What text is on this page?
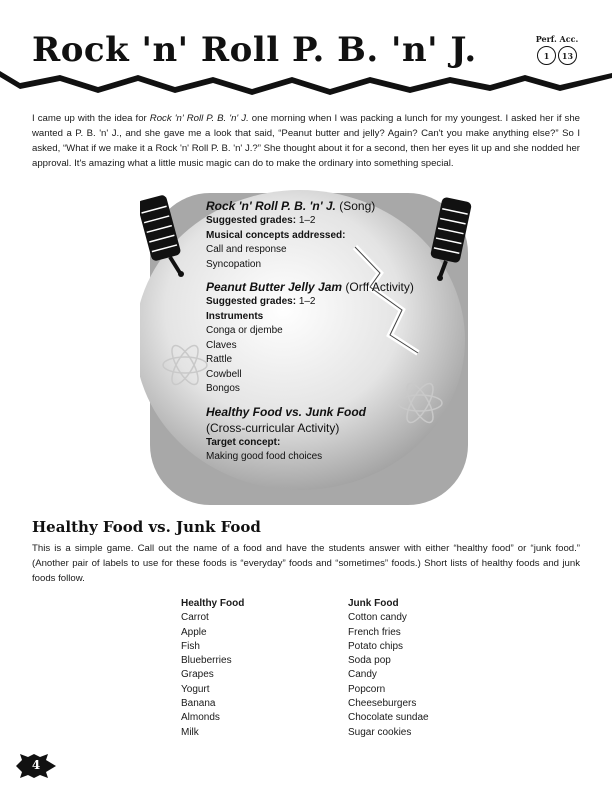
Rock 'n' Roll P. B. 'n' J.	Perf. Acc.
1	13

I came up with the idea for Rock 'n' Roll P. B. 'n' J. one morning when I was packing a lunch for my youngest. I asked her if she wanted a P. B. 'n' J., and she gave me a look that said, “Peanut butter and jelly? Again? Can't you make anything else?” So I asked, “What if we make it a Rock 'n' Roll P. B. 'n' J.?” She thought about it for a second, then her eyes lit up and she nodded her approval. It's amazing what a little music magic can do to make the ordinary into something special.

Rock 'n' Roll P. B. 'n' J. (Song)
Suggested grades: 1–2
Musical concepts addressed:
Call and response
Syncopation
Peanut Butter Jelly Jam (Orff Activity)
Suggested grades: 1–2
Instruments
Conga or djembe
Claves
Rattle
Cowbell
Bongos
Healthy Food vs. Junk Food
(Cross-curricular Activity)
Target concept:
Making good food choices
Healthy Food vs. Junk Food

This is a simple game. Call out the name of a food and have the students answer with either “healthy food” or “junk food.” (Another pair of labels to use for these foods is “everyday” foods and “sometimes” foods.) Short lists of healthy foods and junk foods follow.

Healthy Food
Carrot
Apple
Fish
Blueberries
Grapes
Yogurt
Banana
Almonds
Milk
Junk Food
Cotton candy
French fries
Potato chips
Soda pop
Candy
Popcorn
Cheeseburgers
Chocolate sundae
Sugar cookies
4
